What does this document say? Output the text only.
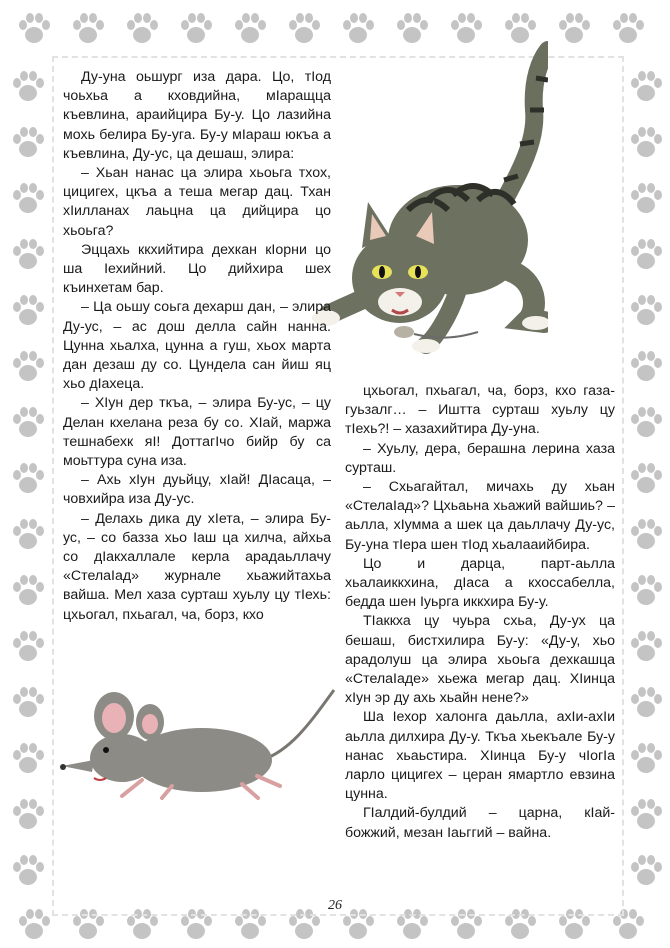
Ду-уна оьшург иза дара. Цо, тIод чоьхьа а кховдийна, мIаращца къевлина, араийцира Бу-у. Цо лазийна мохь белира Бу-уга. Бу-у мIараш юкъа а къевлина, Ду-ус, ца дешаш, элира:

– Хьан нанас ца элира хьоьга тхох, цицигех, цкъа а теша мегар дац. Тхан хIилланах лаьцна ца дийцира цо хьоьга?

Эццахь ккхийтира дехкан кIорни цо ша Iехийний. Цо дийхира шех къинхетам бар.

– Ца оьшу соьга дехарш дан, – элира Ду-ус, – ас дош делла сайн нанна. Цунна хьалха, цунна а гуш, хьох марта дан дезаш ду со. Цундела сан йиш яц хьо дIахеца.

– ХIун дер ткъа, – элира Бу-ус, – цу Делан кхелана реза бу со. ХIай, маржа тешнабехк яI! ДоттагIчо бийр бу са моьттура суна иза.

– Ахь хIун дуьйцу, хIай! ДIасаца, – човхийра иза Ду-ус.

– Делахь дика ду хIета, – элира Бу-ус, – со базза хьо Iаш ца хилча, айхьа со дIакхаллале керла арадаьллачу «СтелаIад» журнале хьажийтахьа вайша. Мел хаза сурташ хуьлу цу тIехь: цхьогал, пхьагал, ча, борз, кхо

цхьогал, пхьагал, ча, борз, кхо газа-гуьзалг… – Иштта сурташ хуьлу цу тIехь?! – хазахийтира Ду-уна.

– Хуьлу, дера, берашна лерина хаза сурташ.

– Схьагайтал, мичахь ду хьан «СтелаIад»? Цхьаьна хьажий вайшиь? – аьлла, хIумма а шек ца даьллачу Ду-ус, Бу-уна тIера шен тIод хьалааийбира.

Цо и дарца, парт-аьлла хьалаиккхина, дIаса а кхоссабелла, бедда шен Iуьрга иккхира Бу-у.

ТIаккха цу чуьра схьа, Ду-ух ца бешаш, бистхилира Бу-у: «Ду-у, хьо арадолуш ца элира хьоьга дехкашца «СтелаIаде» хьежа мегар дац. ХIинца хIун эр ду ахь хьайн нене?»

Ша Iехор халонга даьлла, ахIи-ахIи аьлла дилхира Ду-у. Ткъа хьекъале Бу-у нанас хьаьстира. ХIинца Бу-у чIогIа ларло цицигех – церан ямартло евзина цунна.

ГIалдий-булдий – царна, кIай-божжий, мезан Iаьггий – вайна.

26
